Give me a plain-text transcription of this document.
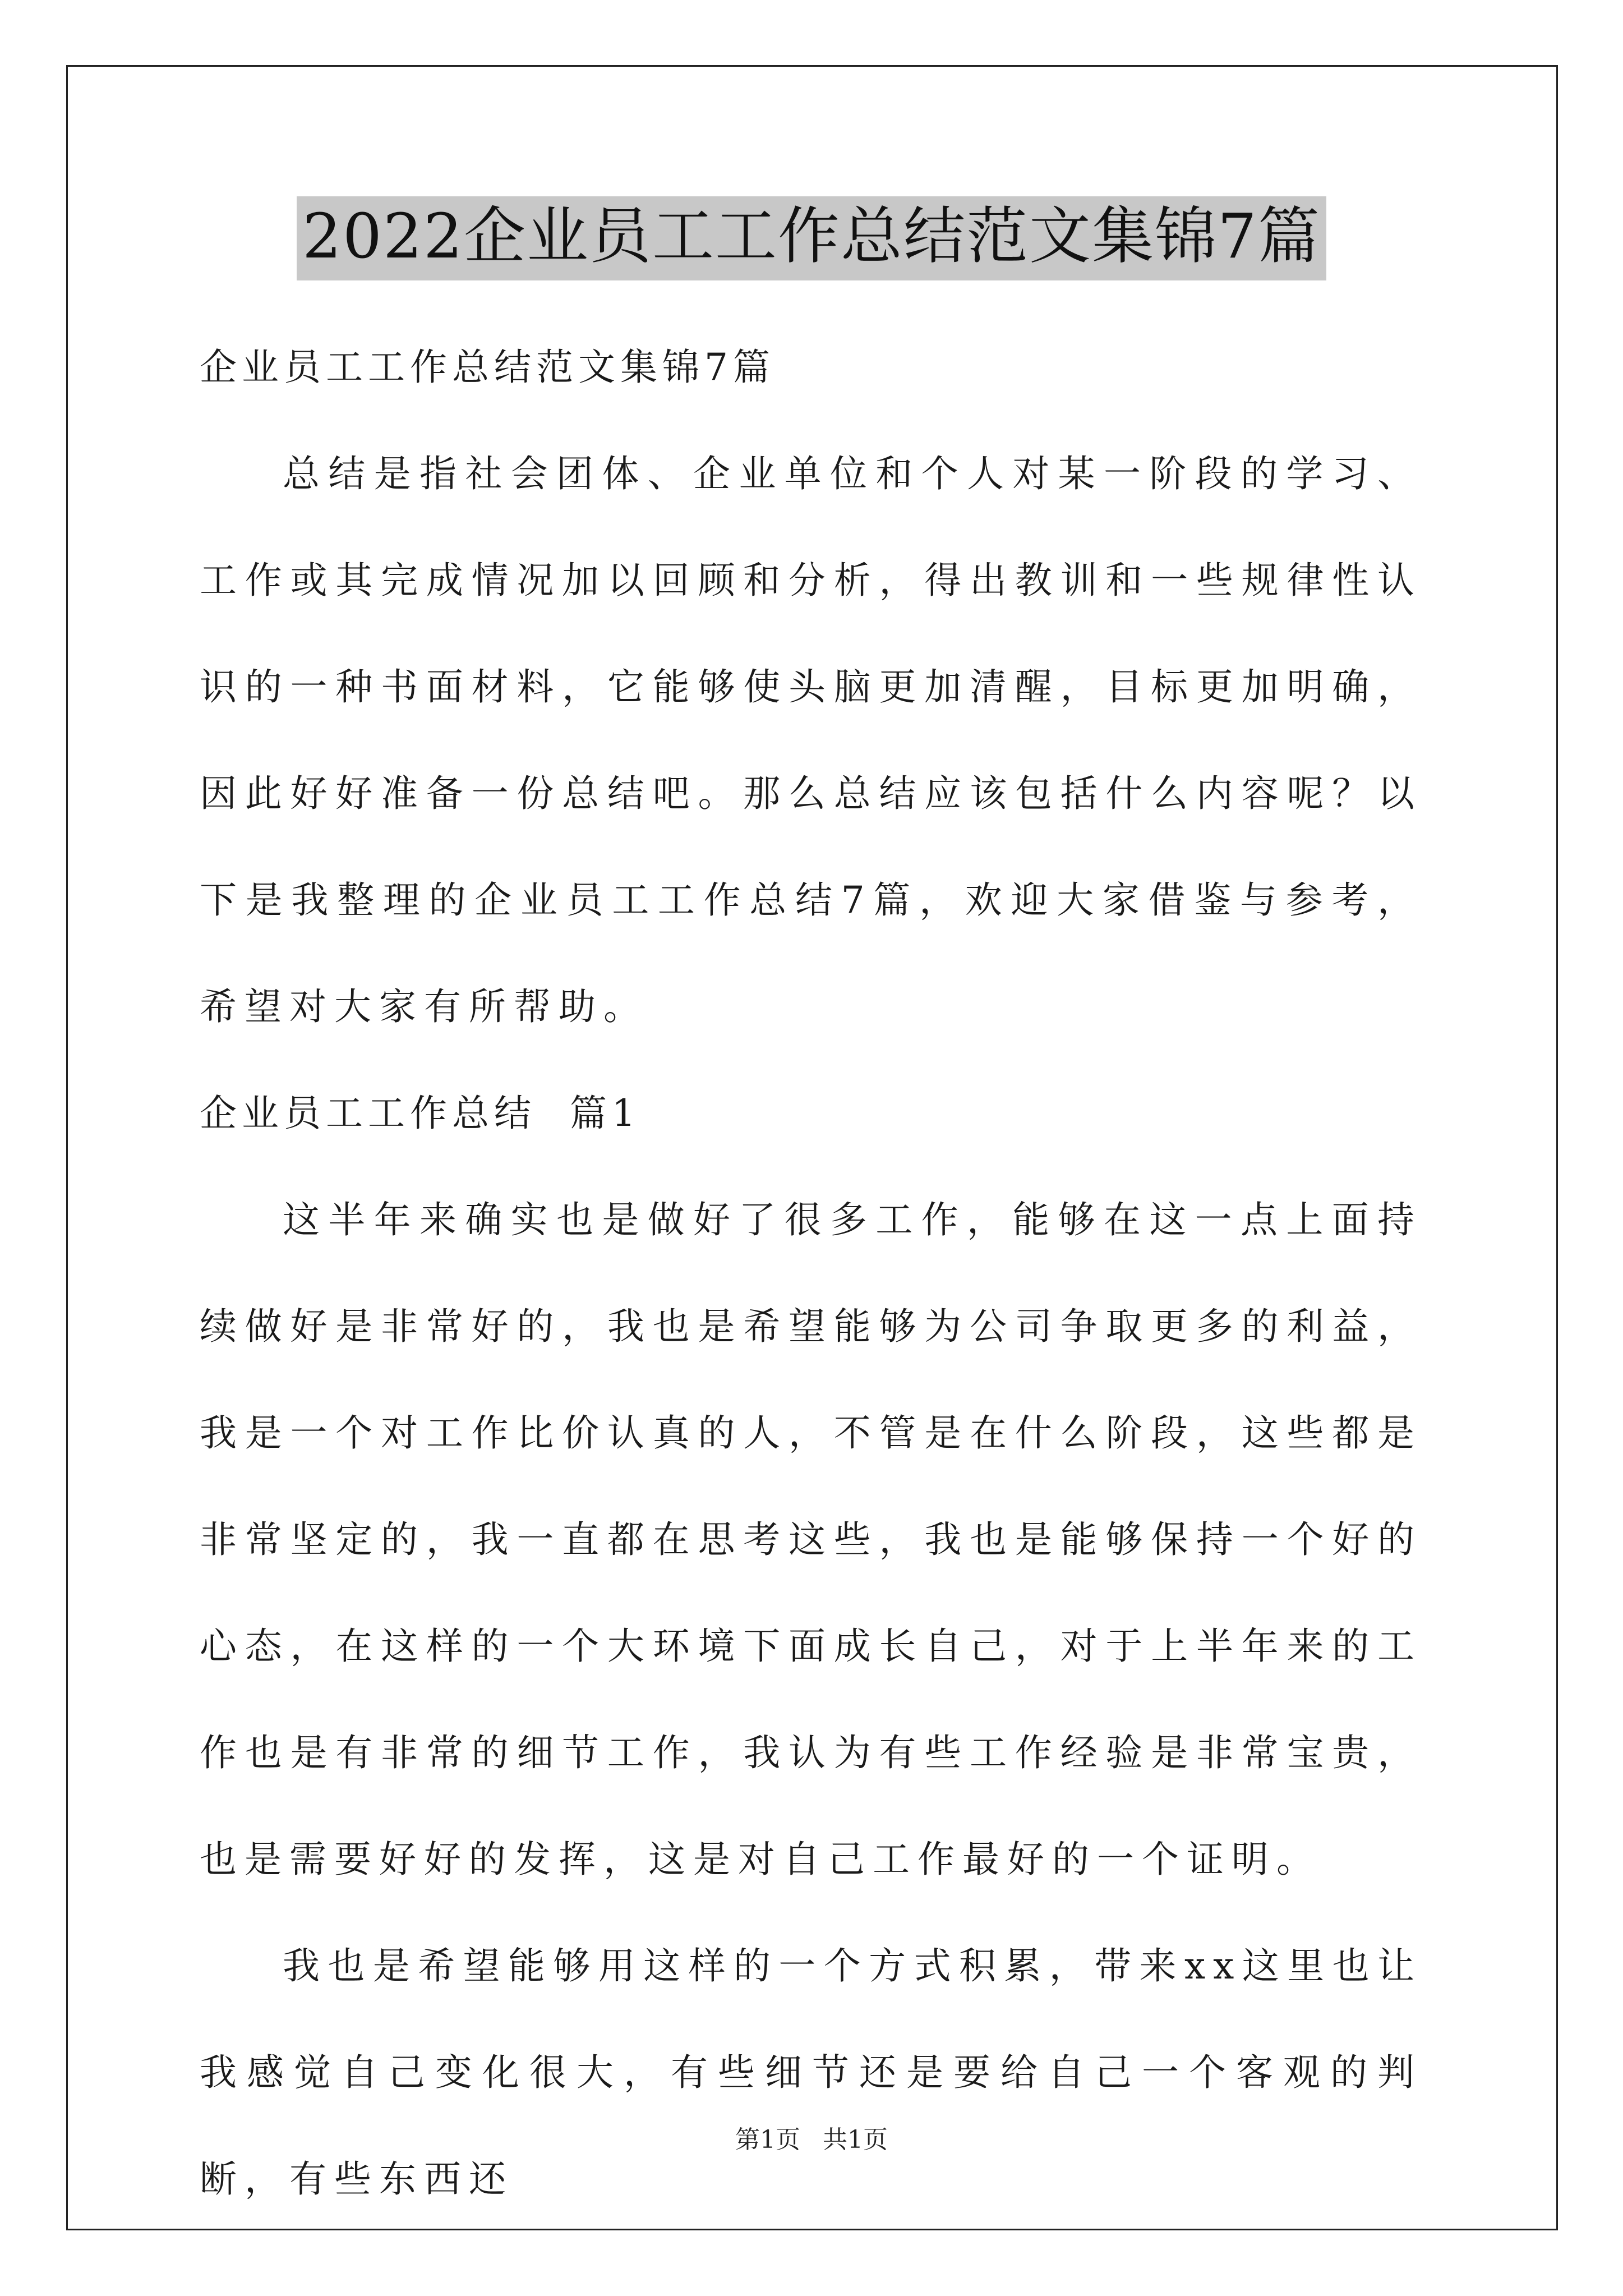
2022企业员工工作总结范文集锦7篇
企业员工工作总结范文集锦7篇
总结是指社会团体、企业单位和个人对某一阶段的学习、工作或其完成情况加以回顾和分析，得出教训和一些规律性认识的一种书面材料，它能够使头脑更加清醒，目标更加明确，因此好好准备一份总结吧。那么总结应该包括什么内容呢？以下是我整理的企业员工工作总结7篇，欢迎大家借鉴与参考，希望对大家有所帮助。
企业员工工作总结  篇1
这半年来确实也是做好了很多工作，能够在这一点上面持续做好是非常好的，我也是希望能够为公司争取更多的利益，我是一个对工作比价认真的人，不管是在什么阶段，这些都是非常坚定的，我一直都在思考这些，我也是能够保持一个好的心态，在这样的一个大环境下面成长自己，对于上半年来的工作也是有非常的细节工作，我认为有些工作经验是非常宝贵，也是需要好好的发挥，这是对自己工作最好的一个证明。
我也是希望能够用这样的一个方式积累，带来xx这里也让我感觉自己变化很大，有些细节还是要给自己一个客观的判断，有些东西还
第1页 共1页
